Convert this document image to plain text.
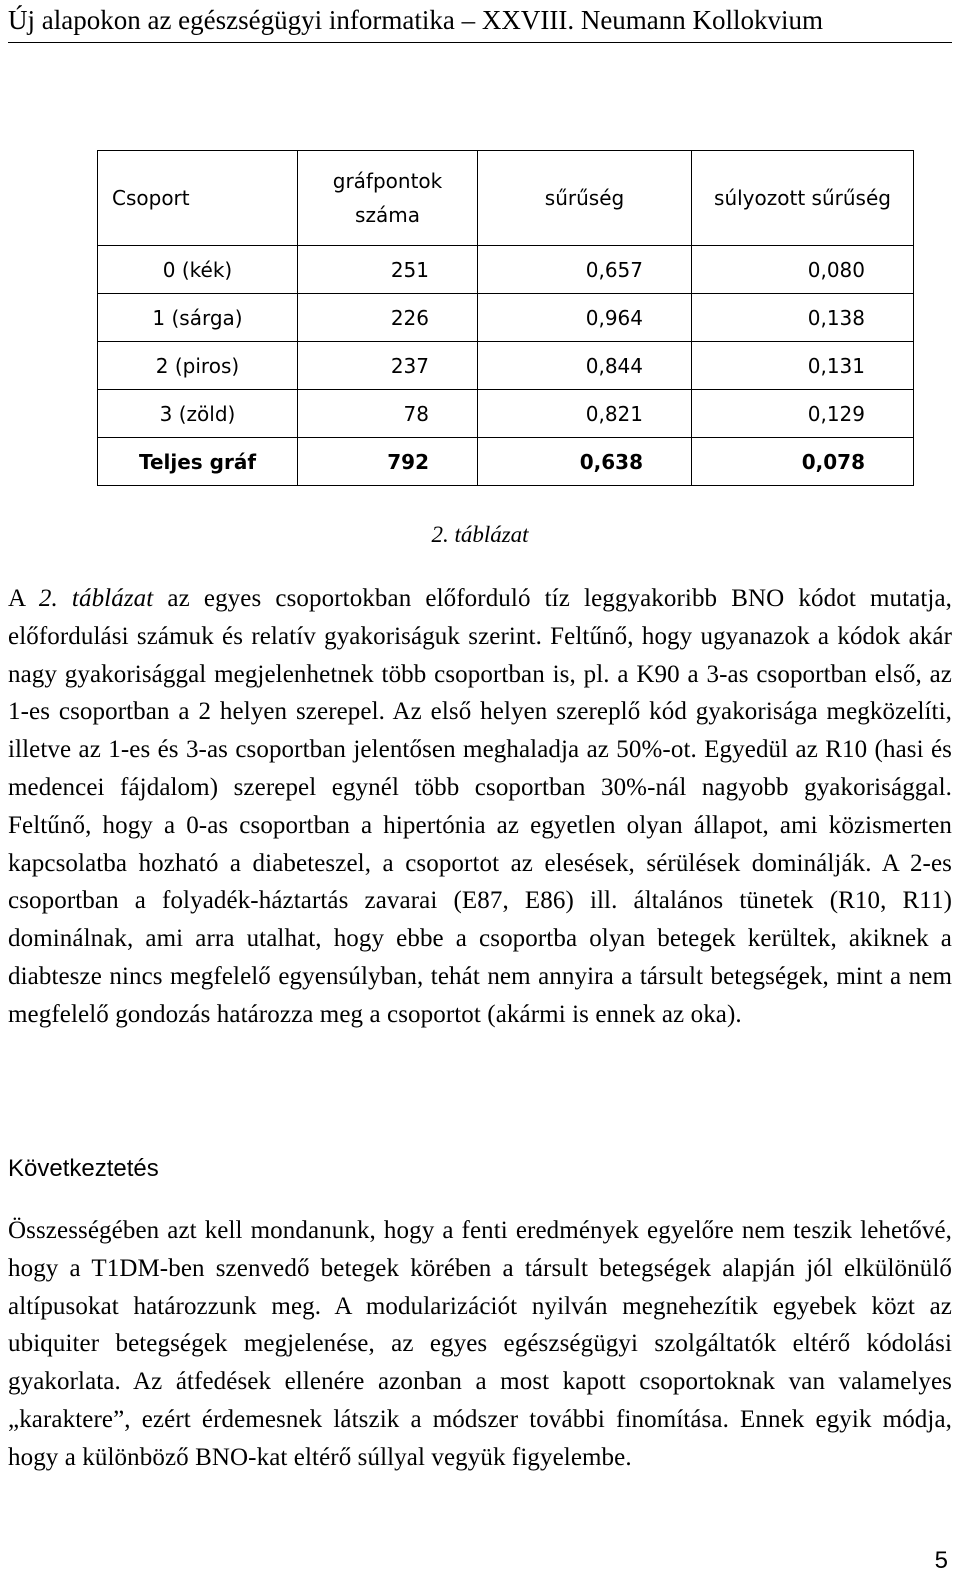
Új alapokon az egészségügyi informatika – XXVIII. Neumann Kollokvium
Csoport	gráfpontok száma	sűrűség	súlyozott sűrűség
0 (kék)	251	0,657	0,080
1 (sárga)	226	0,964	0,138
2 (piros)	237	0,844	0,131
3 (zöld)	78	0,821	0,129
Teljes gráf	792	0,638	0,078
2. táblázat

A 2. táblázat az egyes csoportokban előforduló tíz leggyakoribb BNO kódot mutatja, előfordulási számuk és relatív gyakoriságuk szerint. Feltűnő, hogy ugyanazok a kódok akár nagy gyakorisággal megjelenhetnek több csoportban is, pl. a K90 a 3-as csoportban első, az 1-es csoportban a 2 helyen szerepel. Az első helyen szereplő kód gyakorisága megközelíti, illetve az 1-es és 3-as csoportban jelentősen meghaladja az 50%-ot. Egyedül az R10 (hasi és medencei fájdalom) szerepel egynél több csoportban 30%-nál nagyobb gyakorisággal. Feltűnő, hogy a 0-as csoportban a hipertónia az egyetlen olyan állapot, ami közismerten kapcsolatba hozható a diabeteszel, a csoportot az elesések, sérülések dominálják. A 2-es csoportban a folyadék-háztartás zavarai (E87, E86) ill. általános tünetek (R10, R11) dominálnak, ami arra utalhat, hogy ebbe a csoportba olyan betegek kerültek, akiknek a diabtesze nincs megfelelő egyensúlyban, tehát nem annyira a társult betegségek, mint a nem megfelelő gondozás határozza meg a csoportot (akármi is ennek az oka).

Következtetés

Összességében azt kell mondanunk, hogy a fenti eredmények egyelőre nem teszik lehetővé, hogy a T1DM-ben szenvedő betegek körében a társult betegségek alapján jól elkülönülő altípusokat határozzunk meg. A modularizációt nyilván megnehezítik egyebek közt az ubiquiter betegségek megjelenése, az egyes egészségügyi szolgáltatók eltérő kódolási gyakorlata. Az átfedések ellenére azonban a most kapott csoportoknak van valamelyes „karaktere”, ezért érdemesnek látszik a módszer további finomítása. Ennek egyik módja, hogy a különböző BNO-kat eltérő súllyal vegyük figyelembe.

5
